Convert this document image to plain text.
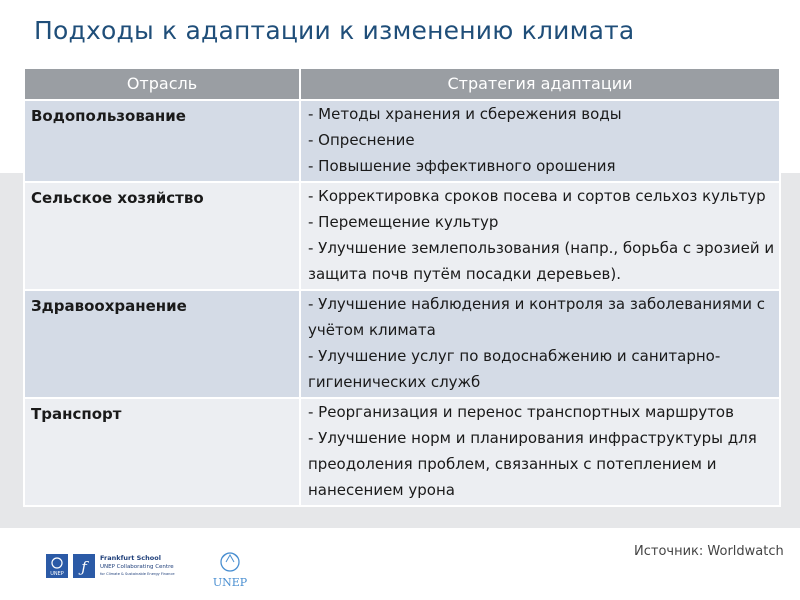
Подходы к адаптации к изменению климата
Отрасль	Стратегия адаптации
Водопользование	- Методы хранения и сбережения воды
- Опреснение
- Повышение эффективного орошения

Сельское хозяйство	- Корректировка сроков посева и сортов сельхоз культур
- Перемещение культур
- Улучшение землепользования (напр., борьба с эрозией и защита почв путём посадки деревьев).

Здравоохранение	- Улучшение наблюдения и контроля за заболеваниями с учётом климата
- Улучшение услуг по водоснабжению и санитарно-гигиенических служб

Транспорт	- Реорганизация и перенос транспортных маршрутов
- Улучшение норм и планирования инфраструктуры для преодоления проблем, связанных с потеплением и нанесением урона
UNEP ƒ	Frankfurt School
UNEP Collaborating Centre
for Climate & Sustainable Energy Finance
UNEP
Источник: Worldwatch
